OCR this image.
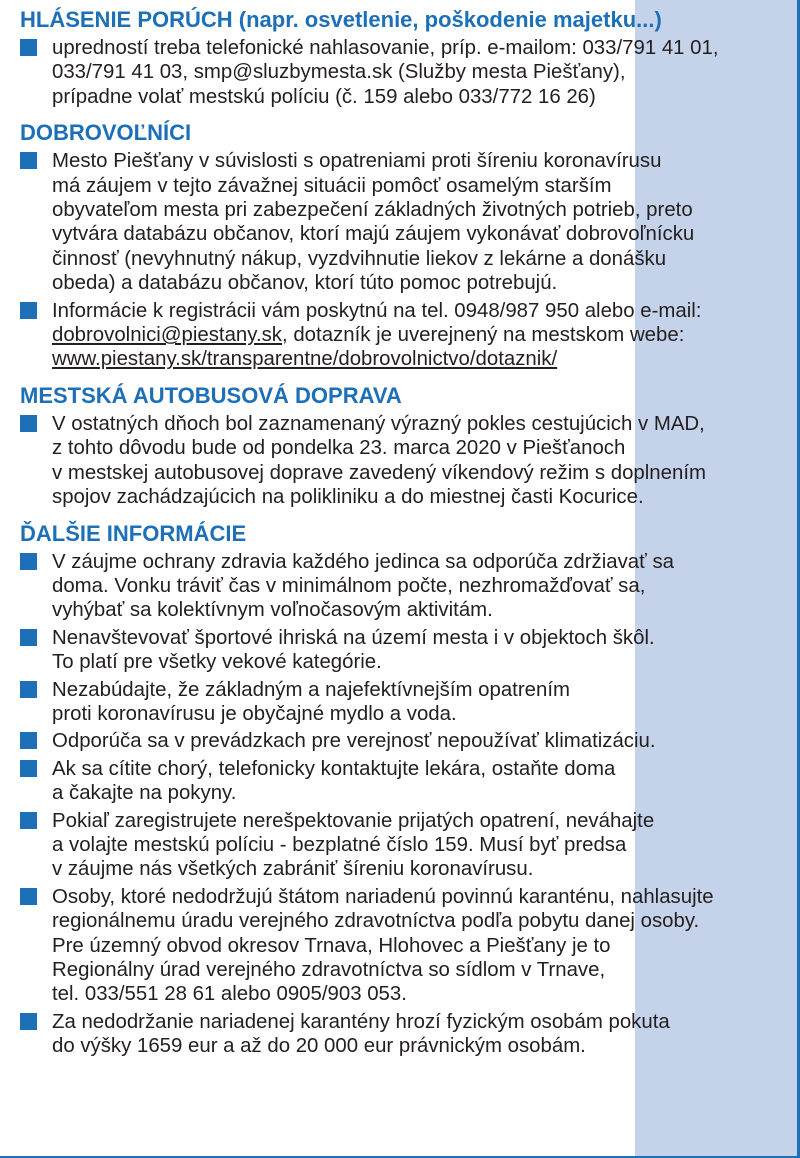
HLÁSENIE PORÚCH (napr. osvetlenie, poškodenie majetku...)
upredností treba telefonické nahlasovanie, príp. e-mailom: 033/791 41 01,
033/791 41 03, smp@sluzbymesta.sk (Služby mesta Piešťany),
prípadne volať mestskú políciu (č. 159 alebo 033/772 16 26)
DOBROVOĽNÍCI
Mesto Piešťany v súvislosti s opatreniami proti šíreniu koronavírusu
má záujem v tejto závažnej situácii pomôcť osamelým starším
obyvateľom mesta pri zabezpečení základných životných potrieb, preto
vytvára databázu občanov, ktorí majú záujem vykonávať dobrovoľnícku
činnosť (nevyhnutný nákup, vyzdvihnutie liekov z lekárne a donášku
obeda) a databázu občanov, ktorí túto pomoc potrebujú.
Informácie k registrácii vám poskytnú na tel. 0948/987 950 alebo e-mail:
dobrovolnici@piestany.sk, dotazník je uverejnený na mestskom webe:
www.piestany.sk/transparentne/dobrovolnictvo/dotaznik/
MESTSKÁ AUTOBUSOVÁ DOPRAVA
V ostatných dňoch bol zaznamenaný výrazný pokles cestujúcich v MAD,
z tohto dôvodu bude od pondelka 23. marca 2020 v Piešťanoch
v mestskej autobusovej doprave zavedený víkendový režim s doplnením
spojov zachádzajúcich na polikliniku a do miestnej časti Kocurice.
ĎALŠIE INFORMÁCIE
V záujme ochrany zdravia každého jedinca sa odporúča zdržiavať sa
doma. Vonku tráviť čas v minimálnom počte, nezhromažďovať sa,
vyhýbať sa kolektívnym voľnočasovým aktivitám.
Nenavštevovať športové ihriská na území mesta i v objektoch škôl.
To platí pre všetky vekové kategórie.
Nezabúdajte, že základným a najefektívnejším opatrením
proti koronavírusu je obyčajné mydlo a voda.
Odporúča sa v prevádzkach pre verejnosť nepoužívať klimatizáciu.
Ak sa cítite chorý, telefonicky kontaktujte lekára, ostaňte doma
a čakajte na pokyny.
Pokiaľ zaregistrujete nerešpektovanie prijatých opatrení, neváhajte
a volajte mestskú políciu - bezplatné číslo 159. Musí byť predsa
v záujme nás všetkých zabrániť šíreniu koronavírusu.
Osoby, ktoré nedodržujú štátom nariadenú povinnú karanténu, nahlasujte
regionálnemu úradu verejného zdravotníctva podľa pobytu danej osoby.
Pre územný obvod okresov Trnava, Hlohovec a Piešťany je to
Regionálny úrad verejného zdravotníctva so sídlom v Trnave,
tel. 033/551 28 61 alebo 0905/903 053.
Za nedodržanie nariadenej karantény hrozí fyzickým osobám pokuta
do výšky 1659 eur a až do 20 000 eur právnickým osobám.
